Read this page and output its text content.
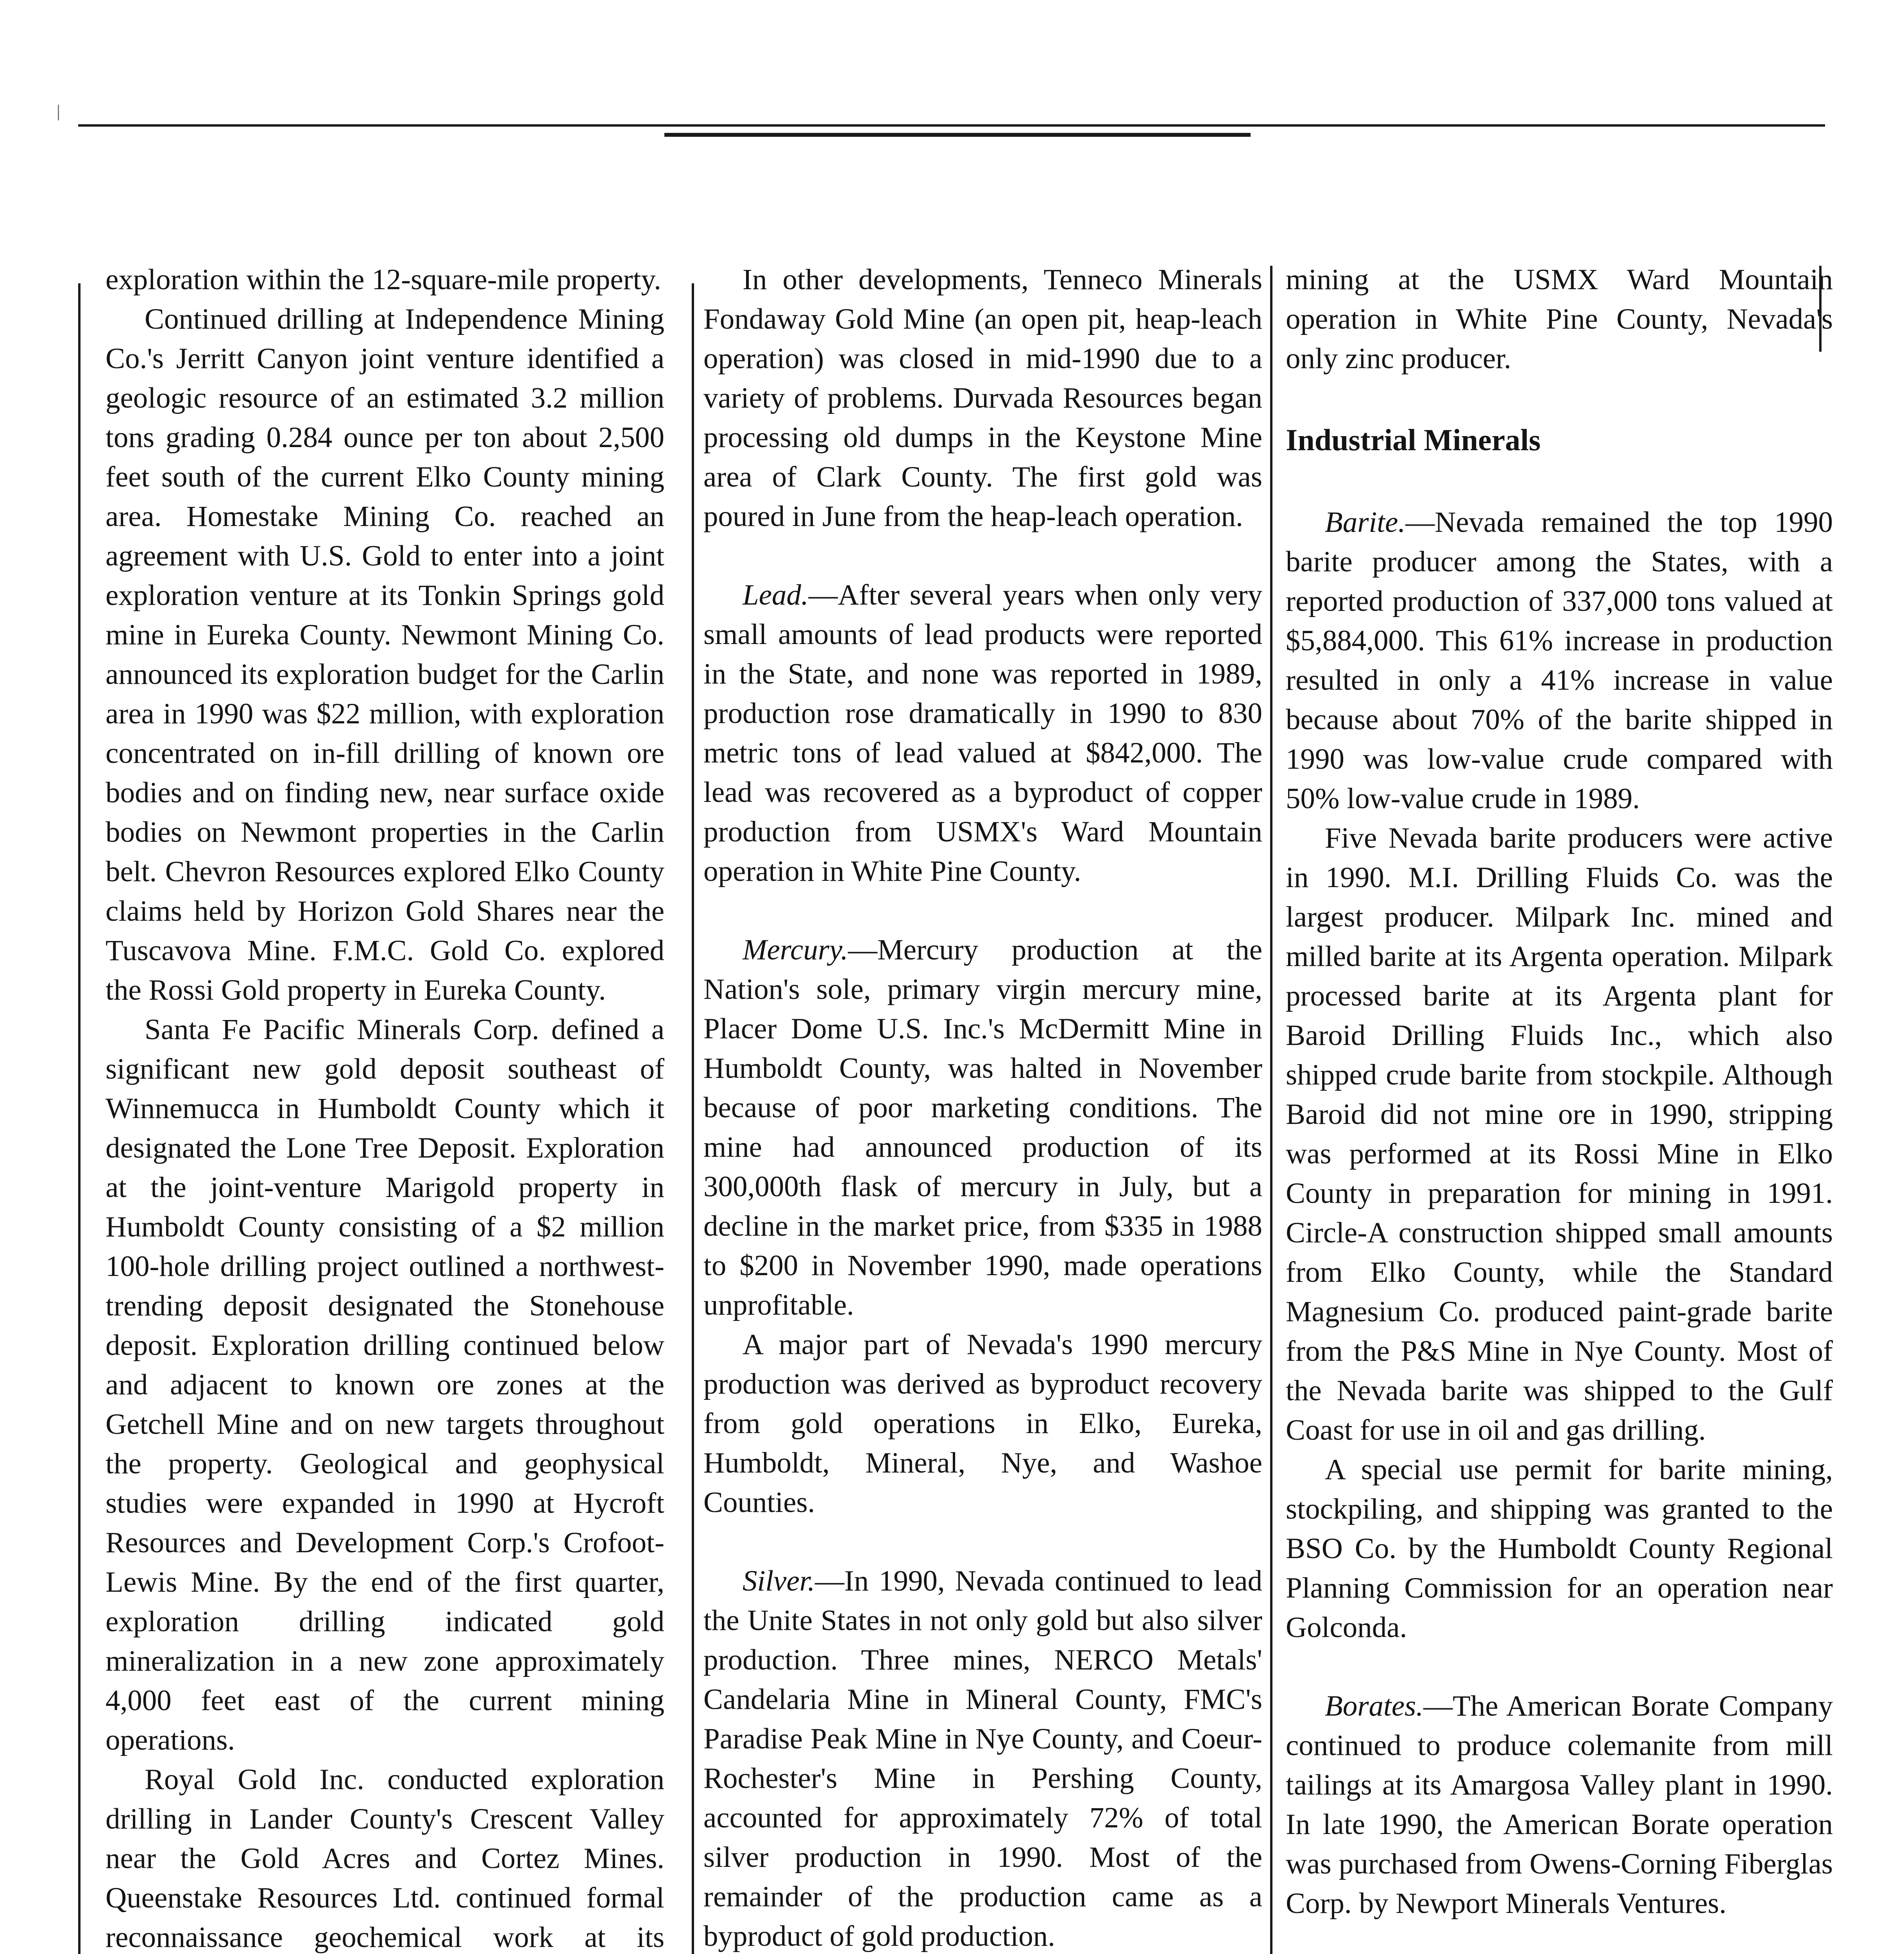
exploration within the 12-square-mile property.

Continued drilling at Independence Mining Co.'s Jerritt Canyon joint venture identified a geologic resource of an estimated 3.2 million tons grading 0.284 ounce per ton about 2,500 feet south of the current Elko County mining area. Homestake Mining Co. reached an agreement with U.S. Gold to enter into a joint exploration venture at its Tonkin Springs gold mine in Eureka County. Newmont Mining Co. announced its exploration budget for the Carlin area in 1990 was $22 million, with exploration concentrated on in-fill drilling of known ore bodies and on finding new, near surface oxide bodies on Newmont properties in the Carlin belt. Chevron Resources explored Elko County claims held by Horizon Gold Shares near the Tuscavova Mine. F.M.C. Gold Co. explored the Rossi Gold property in Eureka County.

Santa Fe Pacific Minerals Corp. defined a significant new gold deposit southeast of Winnemucca in Humboldt County which it designated the Lone Tree Deposit. Exploration at the joint-venture Marigold property in Humboldt County consisting of a $2 million 100-hole drilling project outlined a northwest-trending deposit designated the Stonehouse deposit. Exploration drilling continued below and adjacent to known ore zones at the Getchell Mine and on new targets throughout the property. Geological and geophysical studies were expanded in 1990 at Hycroft Resources and Development Corp.'s Crofoot-Lewis Mine. By the end of the first quarter, exploration drilling indicated gold mineralization in a new zone approximately 4,000 feet east of the current mining operations.

Royal Gold Inc. conducted exploration drilling in Lander County's Crescent Valley near the Gold Acres and Cortez Mines. Queenstake Resources Ltd. continued formal reconnaissance geochemical work at its

In other developments, Tenneco Minerals Fondaway Gold Mine (an open pit, heap-leach operation) was closed in mid-1990 due to a variety of problems. Durvada Resources began processing old dumps in the Keystone Mine area of Clark County. The first gold was poured in June from the heap-leach operation.

Lead.—After several years when only very small amounts of lead products were reported in the State, and none was reported in 1989, production rose dramatically in 1990 to 830 metric tons of lead valued at $842,000. The lead was recovered as a byproduct of copper production from USMX's Ward Mountain operation in White Pine County.

Mercury.—Mercury production at the Nation's sole, primary virgin mercury mine, Placer Dome U.S. Inc.'s McDermitt Mine in Humboldt County, was halted in November because of poor marketing conditions. The mine had announced production of its 300,000th flask of mercury in July, but a decline in the market price, from $335 in 1988 to $200 in November 1990, made operations unprofitable.

A major part of Nevada's 1990 mercury production was derived as byproduct recovery from gold operations in Elko, Eureka, Humboldt, Mineral, Nye, and Washoe Counties.

Silver.—In 1990, Nevada continued to lead the Unite States in not only gold but also silver production. Three mines, NERCO Metals' Candelaria Mine in Mineral County, FMC's Paradise Peak Mine in Nye County, and Coeur-Rochester's Mine in Pershing County, accounted for approximately 72% of total silver production in 1990. Most of the remainder of the production came as a byproduct of gold production.

mining at the USMX Ward Mountain operation in White Pine County, Nevada's only zinc producer.

Industrial Minerals

Barite.—Nevada remained the top 1990 barite producer among the States, with a reported production of 337,000 tons valued at $5,884,000. This 61% increase in production resulted in only a 41% increase in value because about 70% of the barite shipped in 1990 was low-value crude compared with 50% low-value crude in 1989.

Five Nevada barite producers were active in 1990. M.I. Drilling Fluids Co. was the largest producer. Milpark Inc. mined and milled barite at its Argenta operation. Milpark processed barite at its Argenta plant for Baroid Drilling Fluids Inc., which also shipped crude barite from stockpile. Although Baroid did not mine ore in 1990, stripping was performed at its Rossi Mine in Elko County in preparation for mining in 1991. Circle-A construction shipped small amounts from Elko County, while the Standard Magnesium Co. produced paint-grade barite from the P&S Mine in Nye County. Most of the Nevada barite was shipped to the Gulf Coast for use in oil and gas drilling.

A special use permit for barite mining, stockpiling, and shipping was granted to the BSO Co. by the Humboldt County Regional Planning Commission for an operation near Golconda.

Borates.—The American Borate Company continued to produce colemanite from mill tailings at its Amargosa Valley plant in 1990. In late 1990, the American Borate operation was purchased from Owens-Corning Fiberglas Corp. by Newport Minerals Ventures.
